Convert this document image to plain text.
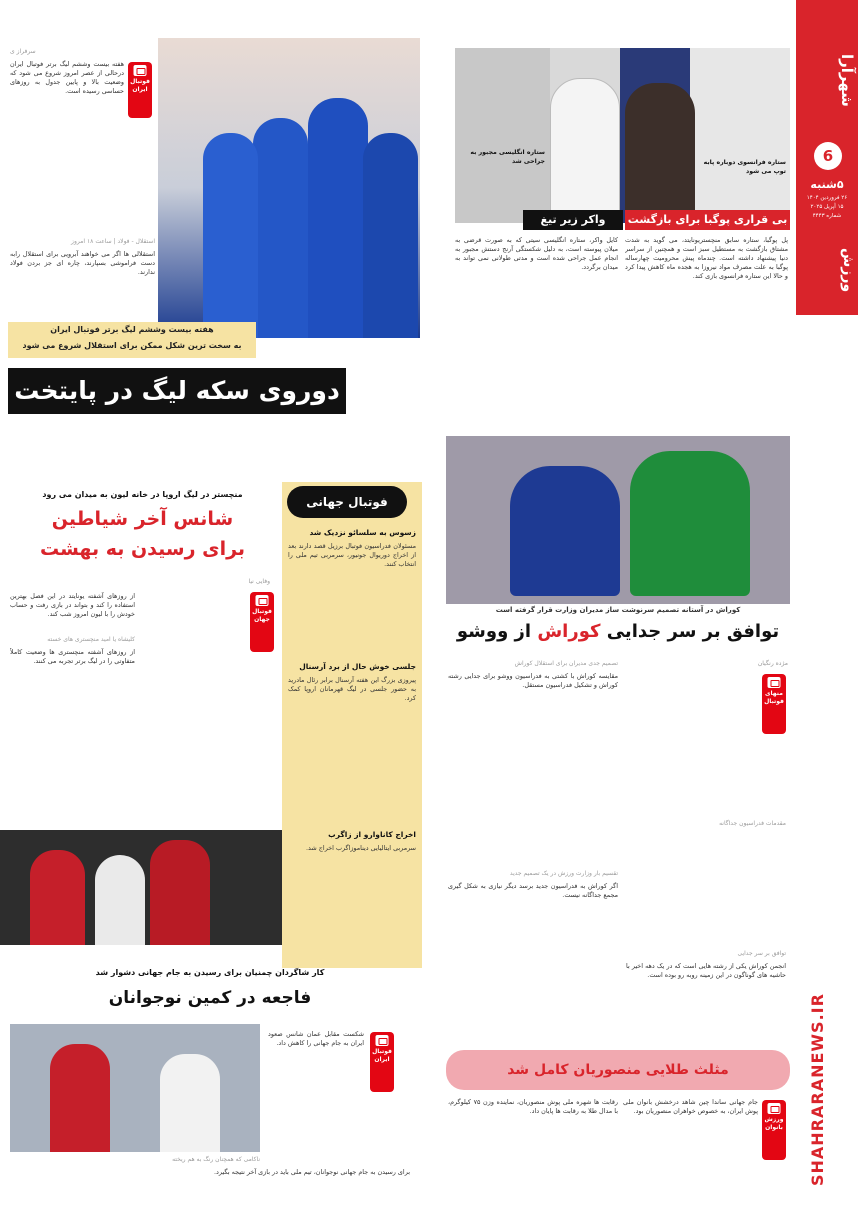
شهرآرا
6
۵شنبه
۲۶ فروردین ۱۴۰۴
۱۵ آپریل ۲۰۲۵
شماره ۴۴۴۳
ورزش
SHAHRARANEWS.IR
ستاره فرانسوی دوباره پابه توپ می شود
ستاره انگلیسی مجبور به جراحی شد
بی قراری پوگبا برای بازگشت
واکر زیر تیغ
پل پوگبا، ستاره سابق منچستریونایتد، می گوید به شدت مشتاق بازگشت به مستطیل سبز است و همچنین از سراسر دنیا پیشنهاد داشته است. چندماه پیش محرومیت چهارساله پوگبا به علت مصرف مواد نیروزا به هجده ماه کاهش پیدا کرد و حالا این ستاره فرانسوی بازی کند.
کایل واکر، ستاره انگلیسی سیتی که به صورت قرضی به میلان پیوسته است، به دلیل شکستگی آرنج دستش مجبور به انجام عمل جراحی شده است و مدتی طولانی نمی تواند به میدان برگردد.
سرفراز ی
فوتبال ایران
هفته بیست وششم لیگ برتر فوتبال ایران درحالی از عصر امروز شروع می شود که وضعیت بالا و پایین جدول به روزهای حساسی رسیده است.
استقلال - فولاد | ساعت ۱۸ امروز
استقلالی ها اگر می خواهند آبرویی برای استقلال رابه دست فراموشی بسپارند، چاره ای جز بردن فولاد ندارند.
هفته بیست وششم لیگ برتر فوتبال ایران
به سخت ترین شکل ممکن برای استقلال شروع می شود
دوروی سکه لیگ در پایتخت
کوراش در آستانه تصمیم سرنوشت ساز مدیران وزارت قرار گرفته است
توافق بر سر جدایی کوراش از ووشو
مژده رنگیان
منهای فوتبال
تصمیم جدی مدیران برای استقلال کوراش
مقایسه کوراش با کشتی به فدراسیون ووشو برای جدایی رشته کوراش و تشکیل فدراسیون مستقل.
مقدمات فدراسیون جداگانه
تقسیم بار وزارت ورزش در یک تصمیم جدید
اگر کوراش به فدراسیون جدید برسد دیگر نیازی به شکل گیری مجمع جداگانه نیست.
توافق بر سر جدایی
انجمن کوراش یکی از رشته هایی است که در یک دهه اخیر با حاشیه های گوناگون در این زمینه روبه رو بوده است.
مثلث طلایی منصوریان کامل شد
ورزش بانوان
جام جهانی ساندا چین شاهد درخشش بانوان ملی پوش ایران، به خصوص خواهران منصوریان بود.
رقابت ها شهره ملی پوش منصوریان، نماینده وزن ۷۵ کیلوگرم، با مدال طلا به رقابت ها پایان داد.
منچستر در لیگ اروپا در خانه لیون به میدان می رود
شانس آخر شیاطین
برای رسیدن به بهشت
وفایی نیا
فوتبال جهان
از روزهای آشفته یونایتد در این فصل بهترین استفاده را کند و بتواند در بازی رفت و حساب خودش را با لیون امروز شب کند.
کلیشاه یا امید منچستری های خسته
از روزهای آشفته منچستری ها وضعیت کاملاً متفاوتی را در لیگ برتر تجربه می کنند.
فوتبال جهانی
زسوس به سلسائو نزدیک شد
مسئولان فدراسیون فوتبال برزیل قصد دارند بعد از اخراج دوریوال جونیور، سرمربی تیم ملی را انتخاب کنند.
جلسی خوش حال از برد آرسنال
پیروزی بزرگ این هفته آرسنال برابر رئال مادرید به حضور جلسی در لیگ قهرمانان اروپا کمک کرد.
اخراج کاناوارو از زاگرب
سرمربی ایتالیایی دیناموزاگرب اخراج شد.
کار شاگردان چمنیان برای رسیدن به جام جهانی دشوار شد
فاجعه در کمین نوجوانان
فوتبال ایران
شکست مقابل عمان شانس صعود ایران به جام جهانی را کاهش داد.
ناکامی که همچنان رنگ به هم ریخته
برای رسیدن به جام جهانی نوجوانان، تیم ملی باید در بازی آخر نتیجه بگیرد.
